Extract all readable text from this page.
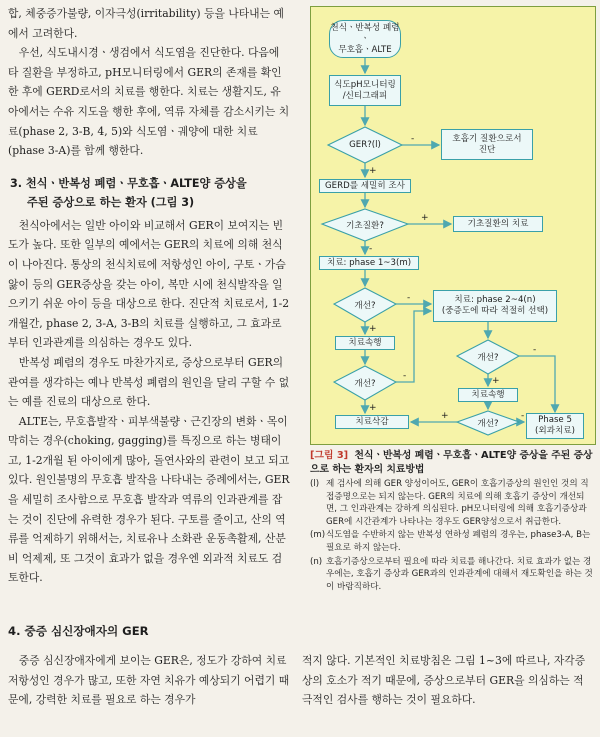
합, 체중증가불량, 이자극성(irritability) 등을 나타내는 예에서 고려한다.

우선, 식도내시경ㆍ생검에서 식도염을 진단한다. 다음에 타 질환을 부정하고, pH모니터링에서 GER의 존재를 확인한 후에 GERD로서의 치료를 행한다. 치료는 생활지도, 유아에서는 수유 지도을 행한 후에, 역류 자체를 감소시키는 치료(phase 2, 3-B, 4, 5)와 식도염ㆍ궤양에 대한 치료(phase 3-A)를 함께 행한다.

3. 천식ㆍ반복성 폐렴ㆍ무호흡ㆍALTE양 증상을
주된 증상으로 하는 환자 (그림 3)

천식아에서는 일반 아이와 비교해서 GER이 보여지는 빈도가 높다. 또한 일부의 예에서는 GER의 치료에 의해 천식이 나아진다. 통상의 천식치료에 저항성인 아이, 구토ㆍ가슴앓이 등의 GER증상을 갖는 아이, 복만 시에 천식발작을 일으키기 쉬운 아이 등을 대상으로 한다. 진단적 치료로서, 1-2개월간, phase 2, 3-A, 3-B의 치료를 실행하고, 그 효과로부터 인과관계를 의심하는 경우도 있다.

반복성 폐렴의 경우도 마찬가지로, 증상으로부터 GER의 관여를 생각하는 예나 반복성 폐렴의 원인을 달리 구할 수 없는 예를 진료의 대상으로 한다.

ALTE는, 무호흡발작ㆍ피부색불량ㆍ근긴장의 변화ㆍ목이 막히는 경우(choking, gagging)를 특징으로 하는 병태이고, 1-2개월 된 아이에게 많아, 돌연사와의 관련이 보고 되고 있다. 원인불명의 무호흡 발작을 나타내는 증례에서는, GER을 세밀히 조사함으로 무호흡 발작과 역류의 인과관계를 잡는 것이 진단에 유력한 경우가 된다. 구토를 줄이고, 산의 역류를 억제하기 위해서는, 치료유나 소화관 운동촉활제, 산분비 억제제, 또 그것이 효과가 없을 경우엔 외과적 치료도 검토한다.

4. 중증 심신장애자의 GER

중증 심신장애자에게 보이는 GER은, 정도가 강하여 치료 저항성인 경우가 많고, 또한 자연 치유가 예상되기 어렵기 때문에, 강력한 치료를 필요로 하는 경우가

적지 않다. 기본적인 치료방침은 그림 1~3에 따르나, 자각증상의 호소가 적기 때문에, 증상으로부터 GER을 의심하는 적극적인 검사를 행하는 것이 필요하다.

-
+
+
-
-
+
-
+
-
+
-
+
천식ㆍ반복성 폐렴ㆍ
무호흡ㆍALTE
식도pH모니터링
/신티그래피
GER?(l)
호흡기 질환으로서
진단
GERD를 세밀히 조사
기초질환?	기초질환의 치료
치료: phase 1~3(m)
개선?
치료: phase 2~4(n)
(중증도에 따라 적절히 선택)
치료속행
개선?
개선?
치료속행
개선?	Phase 5
(외과치료)
치료삭감
[그림 3] 천식ㆍ반복성 폐렴ㆍ무호흡ㆍALTE양 증상을 주된 증상으로 하는 환자의 치료방법
(l) 제 검사에 의해 GER 양성이어도, GER이 호흡기증상의 원인인 것의 직접증명으로는 되지 않는다. GER의 치료에 의해 호흡기 증상이 개선되면, 그 인과관계는 강하게 의심된다. pH모니터링에 의해 호흡기증상과 GER에 시간관계가 나타나는 경우도 GER양성으로서 취급한다.
(m) 식도염을 수반하지 않는 반복성 연하성 폐렴의 경우는, phase3-A, B는 필요로 하지 않는다.
(n) 호흡기증상으로부터 필요에 따라 치료를 해나간다. 치료 효과가 없는 경우에는, 호흡기 증상과 GER과의 인과관계에 대해서 재도확인을 하는 것이 바람직하다.
